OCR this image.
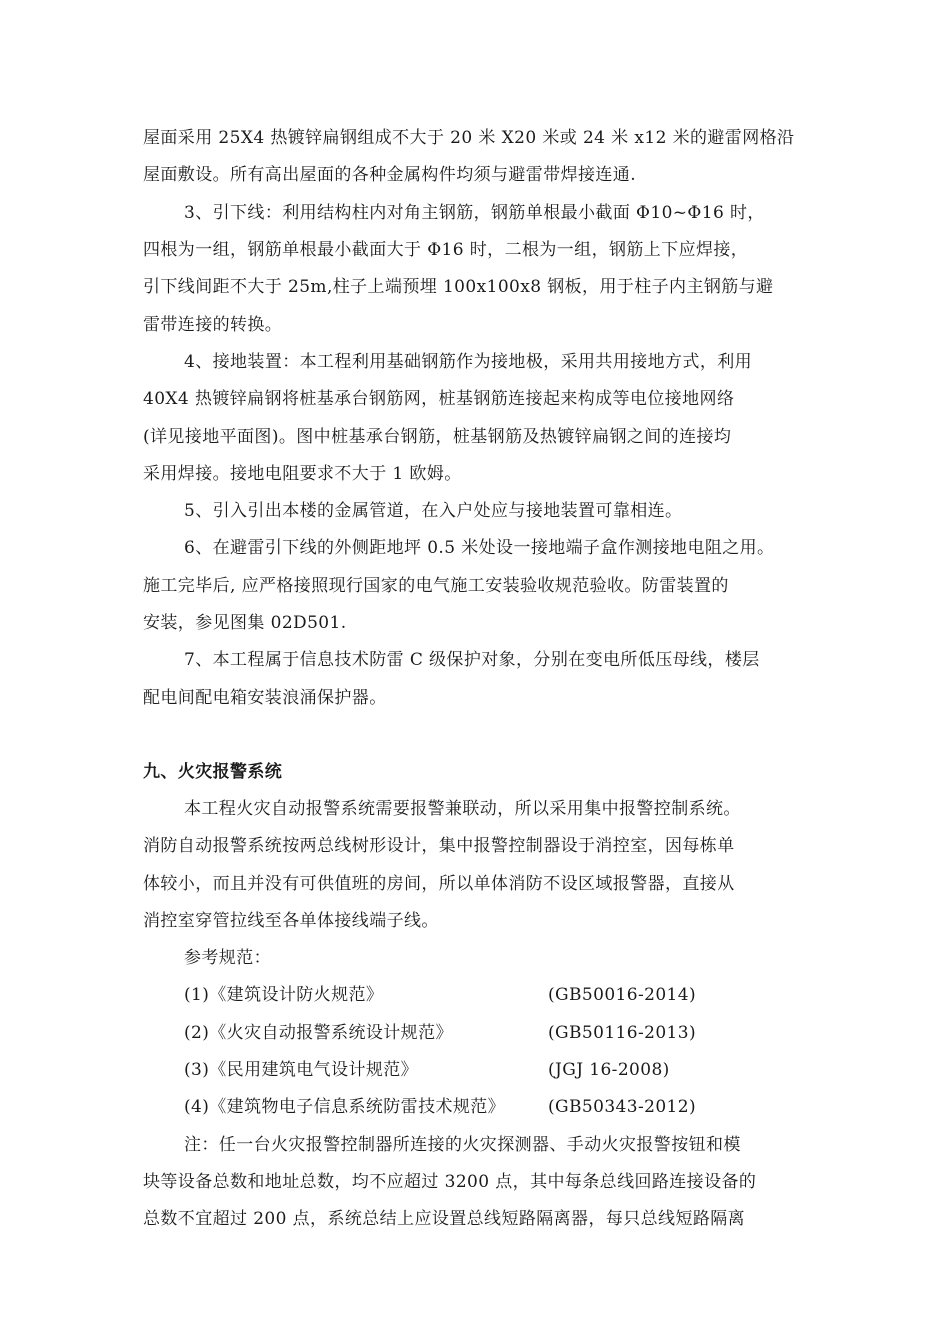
屋面采用 25X4 热镀锌扁钢组成不大于 20 米 X20 米或 24 米 x12 米的避雷网格沿
屋面敷设。所有高出屋面的各种金属构件均须与避雷带焊接连通.
3、引下线：利用结构柱内对角主钢筋，钢筋单根最小截面 Φ10~Φ16 时，
四根为一组，钢筋单根最小截面大于 Φ16 时，二根为一组，钢筋上下应焊接，
引下线间距不大于 25m,柱子上端预埋 100x100x8 钢板，用于柱子内主钢筋与避
雷带连接的转换。
4、接地装置：本工程利用基础钢筋作为接地极，采用共用接地方式，利用
40X4 热镀锌扁钢将桩基承台钢筋网，桩基钢筋连接起来构成等电位接地网络
(详见接地平面图)。图中桩基承台钢筋，桩基钢筋及热镀锌扁钢之间的连接均
采用焊接。接地电阻要求不大于 1 欧姆。
5、引入引出本楼的金属管道，在入户处应与接地装置可靠相连。
6、在避雷引下线的外侧距地坪 0.5 米处设一接地端子盒作测接地电阻之用。
施工完毕后, 应严格接照现行国家的电气施工安装验收规范验收。防雷装置的
安装，参见图集 02D501.
7、本工程属于信息技术防雷 C 级保护对象，分别在变电所低压母线，楼层
配电间配电箱安装浪涌保护器。
九、火灾报警系统
本工程火灾自动报警系统需要报警兼联动，所以采用集中报警控制系统。
消防自动报警系统按两总线树形设计，集中报警控制器设于消控室，因每栋单
体较小，而且并没有可供值班的房间，所以单体消防不设区域报警器，直接从
消控室穿管拉线至各单体接线端子线。
参考规范：
(1)《建筑设计防火规范》	(GB50016-2014)
(2)《火灾自动报警系统设计规范》	(GB50116-2013)
(3)《民用建筑电气设计规范》	(JGJ 16-2008)
(4)《建筑物电子信息系统防雷技术规范》	(GB50343-2012)
注：任一台火灾报警控制器所连接的火灾探测器、手动火灾报警按钮和模
块等设备总数和地址总数，均不应超过 3200 点，其中每条总线回路连接设备的
总数不宜超过 200 点，系统总结上应设置总线短路隔离器，每只总线短路隔离
